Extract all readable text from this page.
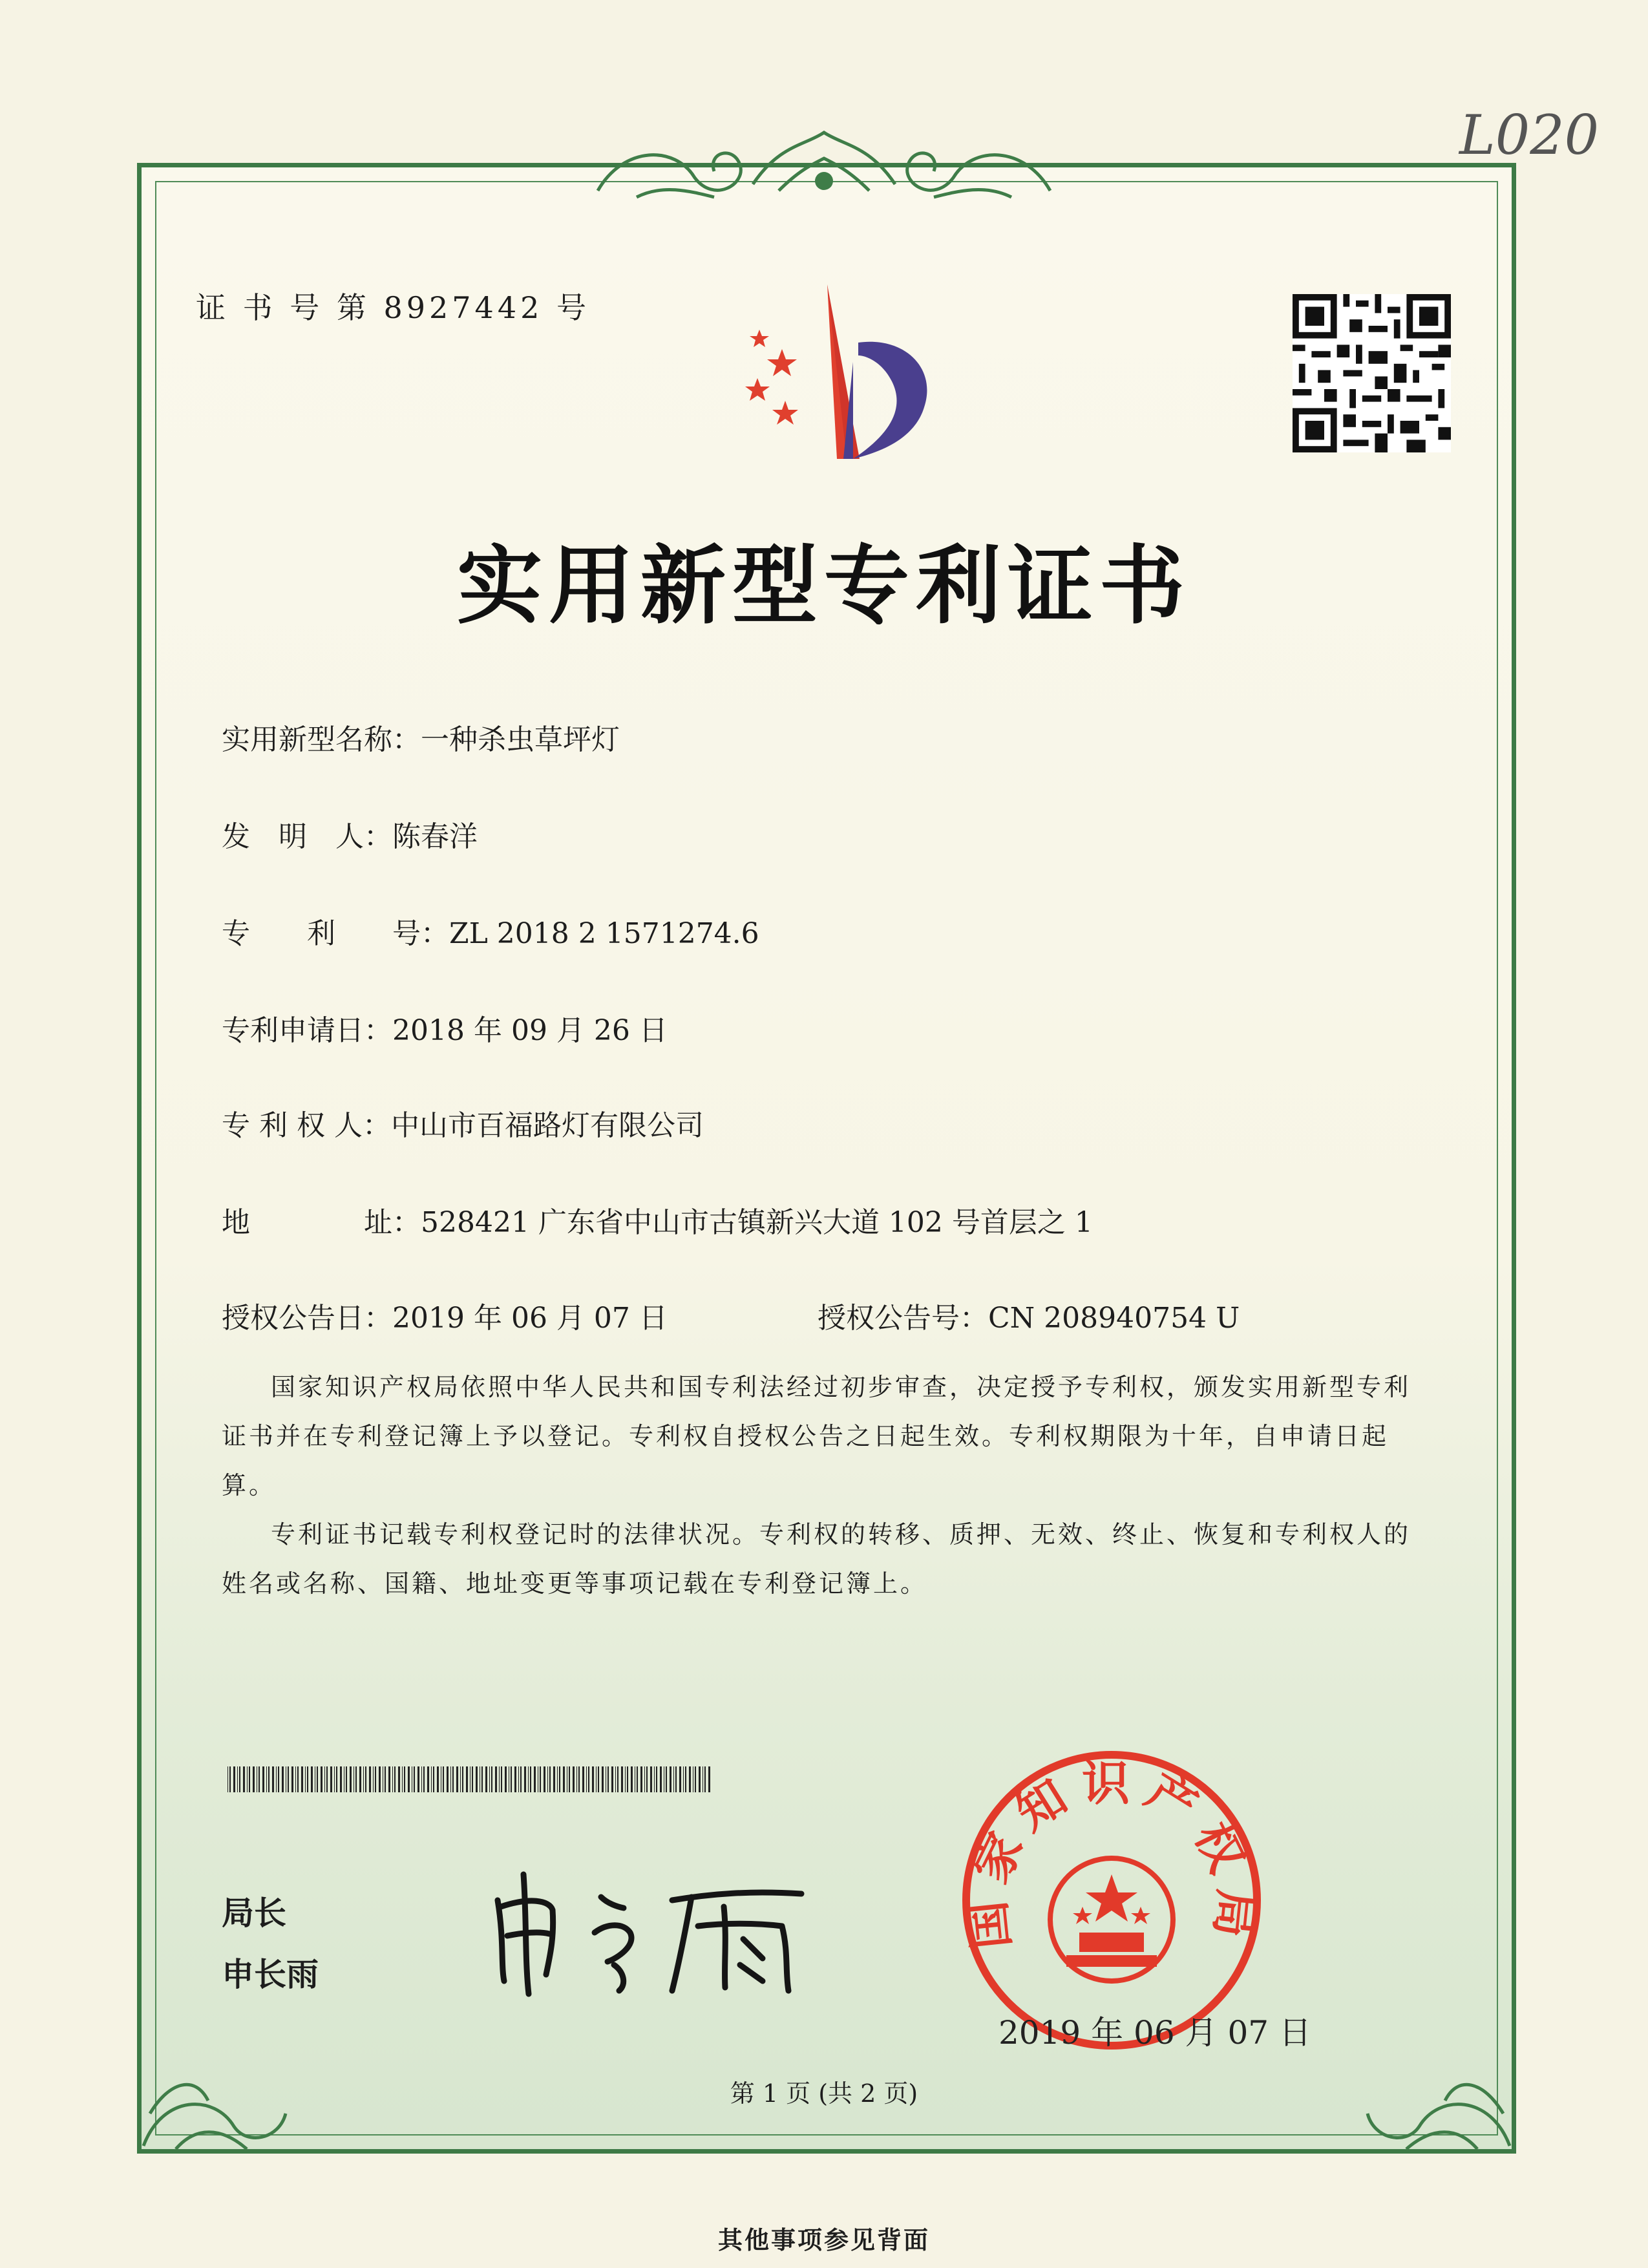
L020
证 书 号 第 8927442 号
实用新型专利证书
实用新型名称：一种杀虫草坪灯
发　明　人：陈春洋
专　　利　　号：ZL 2018 2 1571274.6
专利申请日：2018 年 09 月 26 日
专 利 权 人：中山市百福路灯有限公司
地　　　　址：528421 广东省中山市古镇新兴大道 102 号首层之 1
授权公告日：2019 年 06 月 07 日	授权公告号：CN 208940754 U

国家知识产权局依照中华人民共和国专利法经过初步审查，决定授予专利权，颁发实用新型专利证书并在专利登记簿上予以登记。专利权自授权公告之日起生效。专利权期限为十年，自申请日起算。

专利证书记载专利权登记时的法律状况。专利权的转移、质押、无效、终止、恢复和专利权人的姓名或名称、国籍、地址变更等事项记载在专利登记簿上。

局长
申长雨
国家知识产权局
2019 年 06 月 07 日
第 1 页 (共 2 页)
其他事项参见背面
